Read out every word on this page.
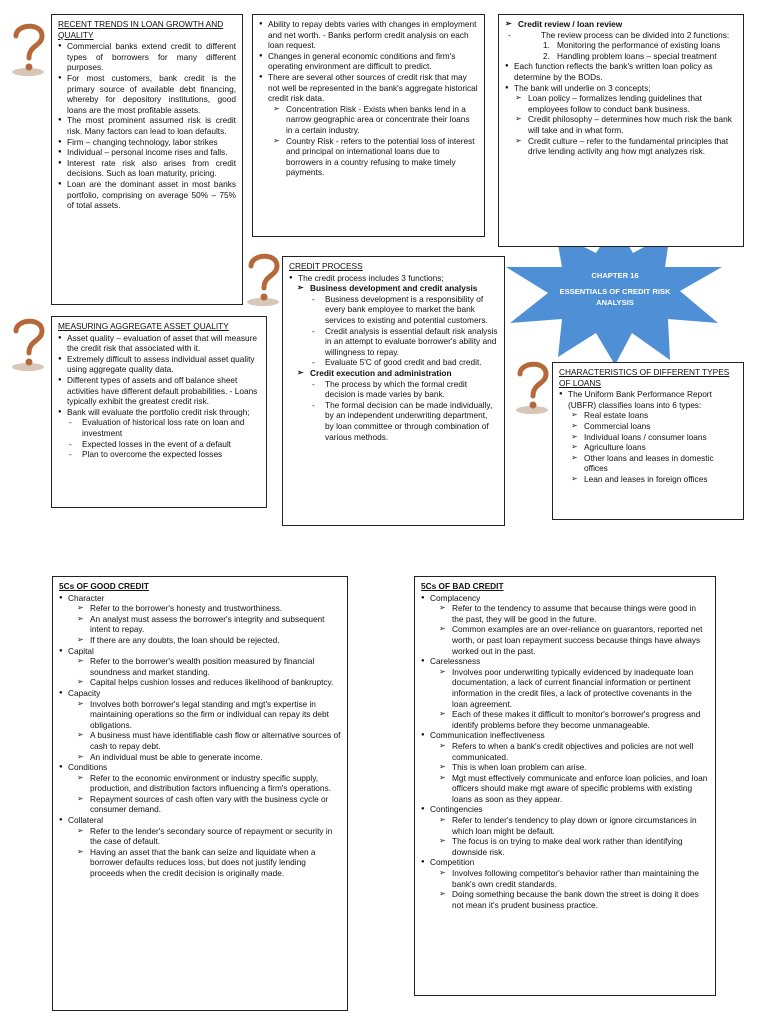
CHAPTER 16
ESSENTIALS OF CREDIT RISK ANALYSIS
RECENT TRENDS IN LOAN GROWTH AND QUALITY
● Commercial banks extend credit to different types of borrowers for many different purposes.
● For most customers, bank credit is the primary source of available debt financing, whereby for depository institutions, good loans are the most profitable assets.
● The most prominent assumed risk is credit risk. Many factors can lead to loan defaults.
● Firm – changing technology, labor strikes
● Individual – personal income rises and falls.
● Interest rate risk also arises from credit decisions. Such as loan maturity, pricing.
● Loan are the dominant asset in most banks portfolio, comprising on average 50% – 75% of total assets.
● Ability to repay debts varies with changes in employment and net worth. - Banks perform credit analysis on each loan request.
● Changes in general economic conditions and firm's operating environment are difficult to predict.
● There are several other sources of credit risk that may not well be represented in the bank's aggregate historical credit risk data.
➢ Concentration Risk - Exists when banks lend in a narrow geographic area or concentrate their loans in a certain industry.
➢ Country Risk - refers to the potential loss of interest and principal on international loans due to borrowers in a country refusing to make timely payments.
➢ Credit review / loan review
- The review process can be divided into 2 functions:
1. Monitoring the performance of existing loans
2. Handling problem loans – special treatment
● Each function reflects the bank's written loan policy as determine by the BODs.
● The bank will underlie on 3 concepts;
➢ Loan policy – formalizes lending guidelines that employees follow to conduct bank business.
➢ Credit philosophy – determines how much risk the bank will take and in what form.
➢ Credit culture – refer to the fundamental principles that drive lending activity ang how mgt analyzes risk.
MEASURING AGGREGATE ASSET QUALITY
● Asset quality – evaluation of asset that will measure the credit risk that associated with it.
● Extremely difficult to assess individual asset quality using aggregate quality data.
● Different types of assets and off balance sheet activities have different default probabilities. - Loans typically exhibit the greatest credit risk.
● Bank will evaluate the portfolio credit risk through;
- Evaluation of historical loss rate on loan and investment
- Expected losses in the event of a default
- Plan to overcome the expected losses
CREDIT PROCESS
● The credit process includes 3 functions;
➢ Business development and credit analysis
- Business development is a responsibility of every bank employee to market the bank services to existing and potential customers.
- Credit analysis is essential default risk analysis in an attempt to evaluate borrower's ability and willingness to repay.
- Evaluate 5'C of good credit and bad credit.
➢ Credit execution and administration
- The process by which the formal credit decision is made varies by bank.
- The formal decision can be made individually, by an independent underwriting department, by loan committee or through combination of various methods.
CHARACTERISTICS OF DIFFERENT TYPES OF LOANS
● The Uniform Bank Performance Report (UBFR) classifies loans into 6 types:
➢ Real estate loans
➢ Commercial loans
➢ Individual loans / consumer loans
➢ Agriculture loans
➢ Other loans and leases in domestic offices
➢ Lean and leases in foreign offices
5Cs OF GOOD CREDIT
● Character
➢ Refer to the borrower's honesty and trustworthiness.
➢ An analyst must assess the borrower's integrity and subsequent intent to repay.
➢ If there are any doubts, the loan should be rejected.
● Capital
➢ Refer to the borrower's wealth position measured by financial soundness and market standing.
➢ Capital helps cushion losses and reduces likelihood of bankruptcy.
● Capacity
➢ Involves both borrower's legal standing and mgt's expertise in maintaining operations so the firm or individual can repay its debt obligations.
➢ A business must have identifiable cash flow or alternative sources of cash to repay debt.
➢ An individual must be able to generate income.
● Conditions
➢ Refer to the economic environment or industry specific supply, production, and distribution factors influencing a firm's operations.
➢ Repayment sources of cash often vary with the business cycle or consumer demand.
● Collateral
➢ Refer to the lender's secondary source of repayment or security in the case of default.
➢ Having an asset that the bank can seize and liquidate when a borrower defaults reduces loss, but does not justify lending proceeds when the credit decision is originally made.
5Cs OF BAD CREDIT
● Complacency
➢ Refer to the tendency to assume that because things were good in the past, they will be good in the future.
➢ Common examples are an over-reliance on guarantors, reported net worth, or past loan repayment success because things have always worked out in the past.
● Carelessness
➢ Involves poor underwriting typically evidenced by inadequate loan documentation, a lack of current financial information or pertinent information in the credit files, a lack of protective covenants in the loan agreement.
➢ Each of these makes it difficult to monitor's borrower's progress and identify problems before they become unmanageable.
● Communication ineffectiveness
➢ Refers to when a bank's credit objectives and policies are not well communicated.
➢ This is when loan problem can arise.
➢ Mgt must effectively communicate and enforce loan policies, and loan officers should make mgt aware of specific problems with existing loans as soon as they appear.
● Contingencies
➢ Refer to lender's tendency to play down or ignore circumstances in which loan might be default.
➢ The focus is on trying to make deal work rather than identifying downside risk.
● Competition
➢ Involves following competitor's behavior rather than maintaining the bank's own credit standards.
➢ Doing something because the bank down the street is doing it does not mean it's prudent business practice.
